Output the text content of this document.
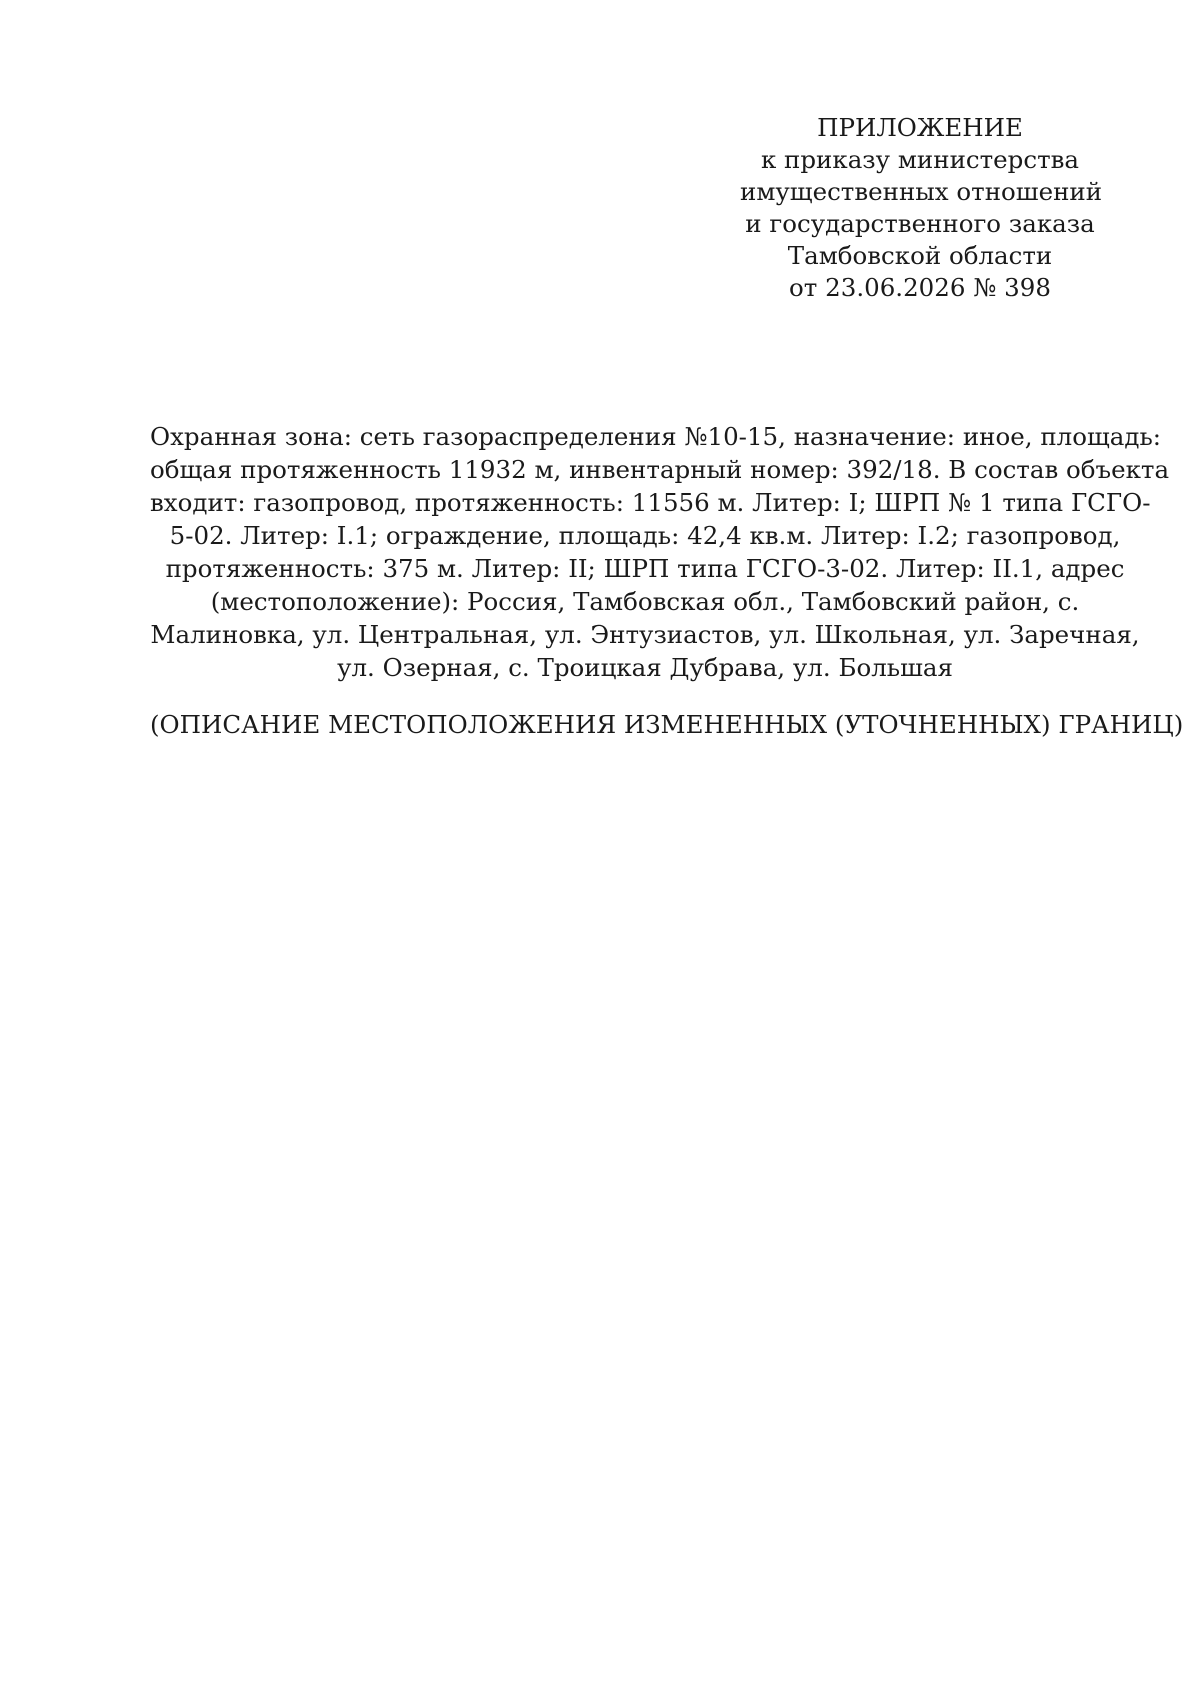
ПРИЛОЖЕНИЕ
к приказу министерства
имущественных отношений
и государственного заказа
Тамбовской области
от 23.06.2026 № 398
Охранная зона: сеть газораспределения №10-15, назначение: иное, площадь:
общая протяженность 11932 м, инвентарный номер: 392/18. В состав объекта
входит: газопровод, протяженность: 11556 м. Литер: I; ШРП № 1 типа ГСГО-
5-02. Литер: I.1; ограждение, площадь: 42,4 кв.м. Литер: I.2; газопровод,
протяженность: 375 м. Литер: II; ШРП типа ГСГО-3-02. Литер: II.1, адрес
(местоположение): Россия, Тамбовская обл., Тамбовский район, с.
Малиновка, ул. Центральная, ул. Энтузиастов, ул. Школьная, ул. Заречная,
ул. Озерная, с. Троицкая Дубрава, ул. Большая
(ОПИСАНИЕ МЕСТОПОЛОЖЕНИЯ ИЗМЕНЕННЫХ (УТОЧНЕННЫХ) ГРАНИЦ)
